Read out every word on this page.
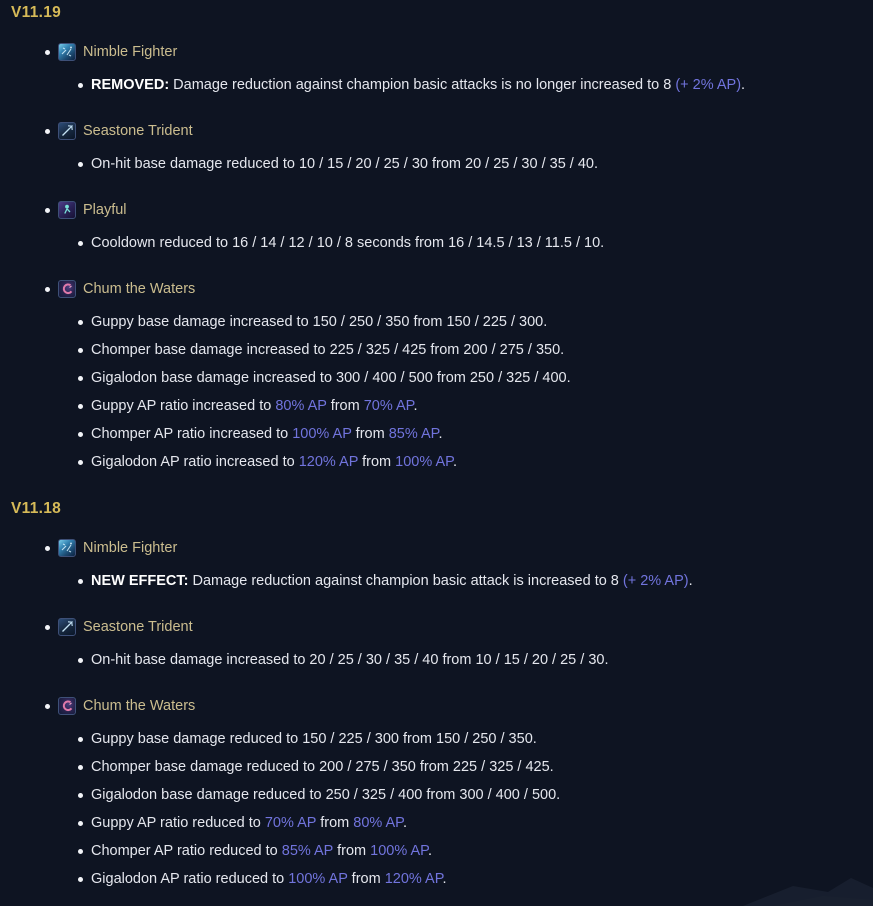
V11.19
Nimble Fighter
REMOVED: Damage reduction against champion basic attacks is no longer increased to 8 (+ 2% AP).
Seastone Trident
On-hit base damage reduced to 10 / 15 / 20 / 25 / 30 from 20 / 25 / 30 / 35 / 40.
Playful
Cooldown reduced to 16 / 14 / 12 / 10 / 8 seconds from 16 / 14.5 / 13 / 11.5 / 10.
Chum the Waters
Guppy base damage increased to 150 / 250 / 350 from 150 / 225 / 300.
Chomper base damage increased to 225 / 325 / 425 from 200 / 275 / 350.
Gigalodon base damage increased to 300 / 400 / 500 from 250 / 325 / 400.
Guppy AP ratio increased to 80% AP from 70% AP.
Chomper AP ratio increased to 100% AP from 85% AP.
Gigalodon AP ratio increased to 120% AP from 100% AP.
V11.18
Nimble Fighter
NEW EFFECT: Damage reduction against champion basic attack is increased to 8 (+ 2% AP).
Seastone Trident
On-hit base damage increased to 20 / 25 / 30 / 35 / 40 from 10 / 15 / 20 / 25 / 30.
Chum the Waters
Guppy base damage reduced to 150 / 225 / 300 from 150 / 250 / 350.
Chomper base damage reduced to 200 / 275 / 350 from 225 / 325 / 425.
Gigalodon base damage reduced to 250 / 325 / 400 from 300 / 400 / 500.
Guppy AP ratio reduced to 70% AP from 80% AP.
Chomper AP ratio reduced to 85% AP from 100% AP.
Gigalodon AP ratio reduced to 100% AP from 120% AP.
